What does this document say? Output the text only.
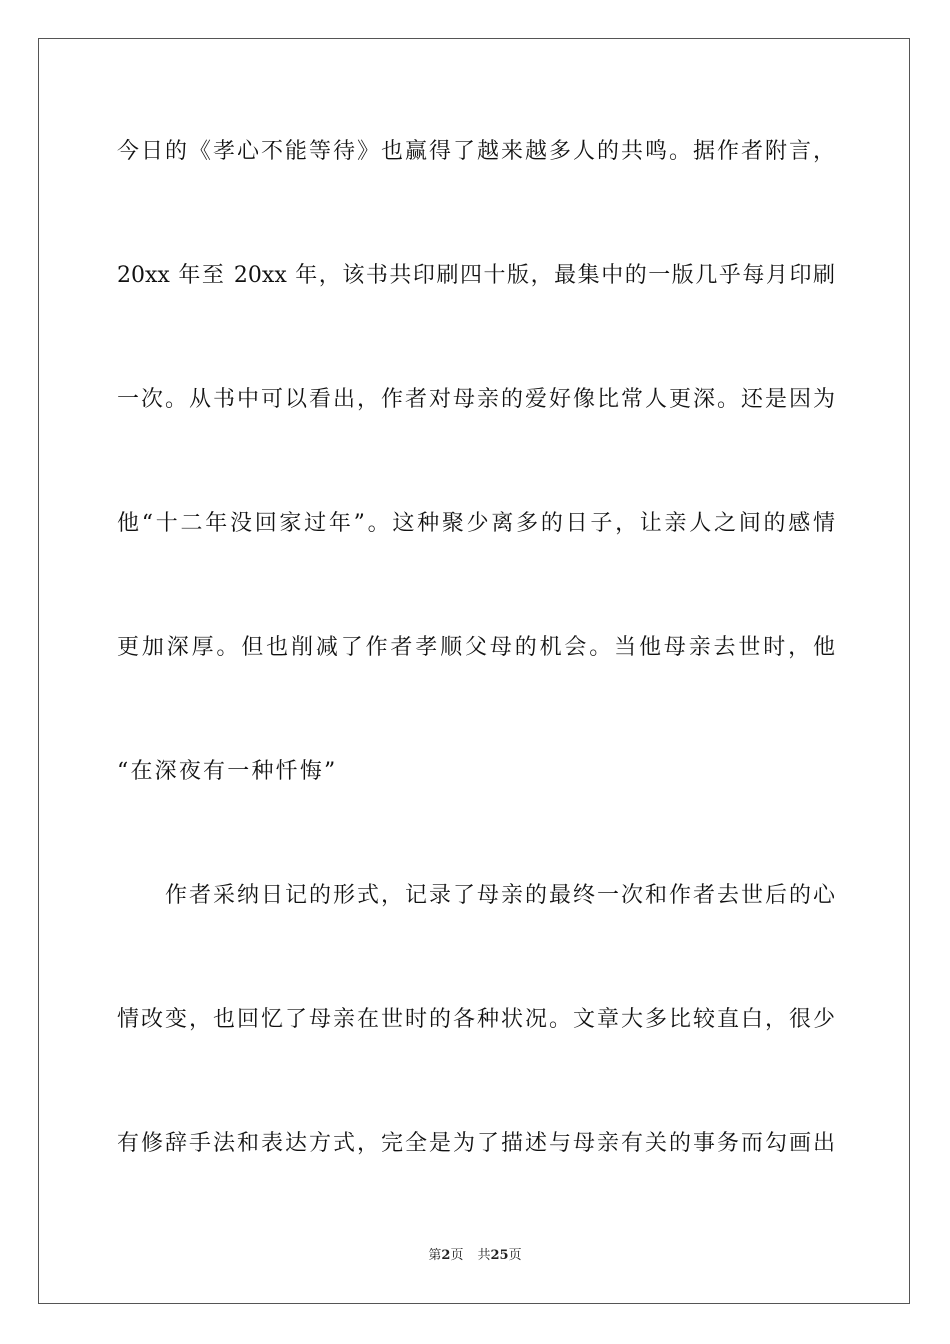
今日的《孝心不能等待》也赢得了越来越多人的共鸣。据作者附言，
20xx 年至 20xx 年，该书共印刷四十版，最集中的一版几乎每月印刷
一次。从书中可以看出，作者对母亲的爱好像比常人更深。还是因为
他“十二年没回家过年”。这种聚少离多的日子，让亲人之间的感情
更加深厚。但也削减了作者孝顺父母的机会。当他母亲去世时，他
“在深夜有一种忏悔”
作者采纳日记的形式，记录了母亲的最终一次和作者去世后的心
情改变，也回忆了母亲在世时的各种状况。文章大多比较直白，很少
有修辞手法和表达方式，完全是为了描述与母亲有关的事务而勾画出
第2页 共25页
